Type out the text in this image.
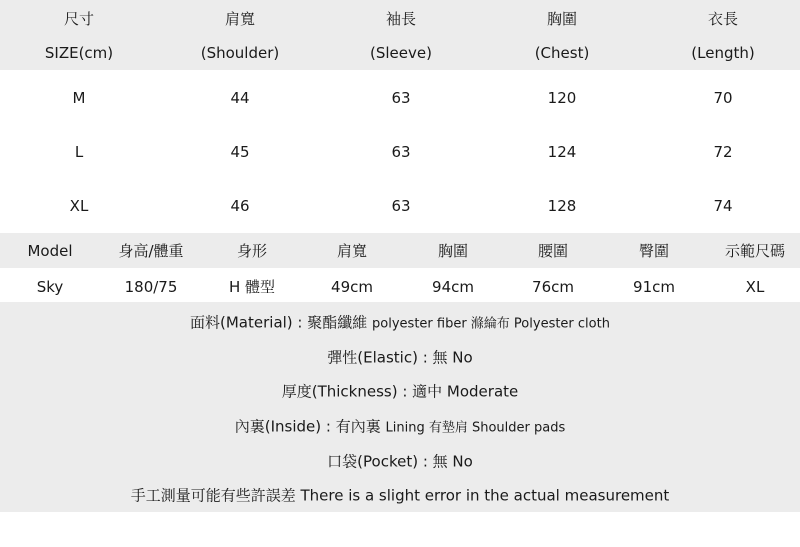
尺寸	肩寬	袖長	胸圍	衣長
SIZE(cm)	(Shoulder)	(Sleeve)	(Chest)	(Length)
M	44	63	120	70
L	45	63	124	72
XL	46	63	128	74
Model	身高/體重	身形	肩寬	胸圍	腰圍	臀圍	示範尺碼
Sky	180/75	H 體型	49cm	94cm	76cm	91cm	XL
面料(Material) : 聚酯纖維 polyester fiber 滌綸布 Polyester cloth
彈性(Elastic) : 無 No
厚度(Thickness) : 適中 Moderate
內裏(Inside) : 有內裏 Lining 有墊肩 Shoulder pads
口袋(Pocket) : 無 No
手工測量可能有些許誤差 There is a slight error in the actual measurement
